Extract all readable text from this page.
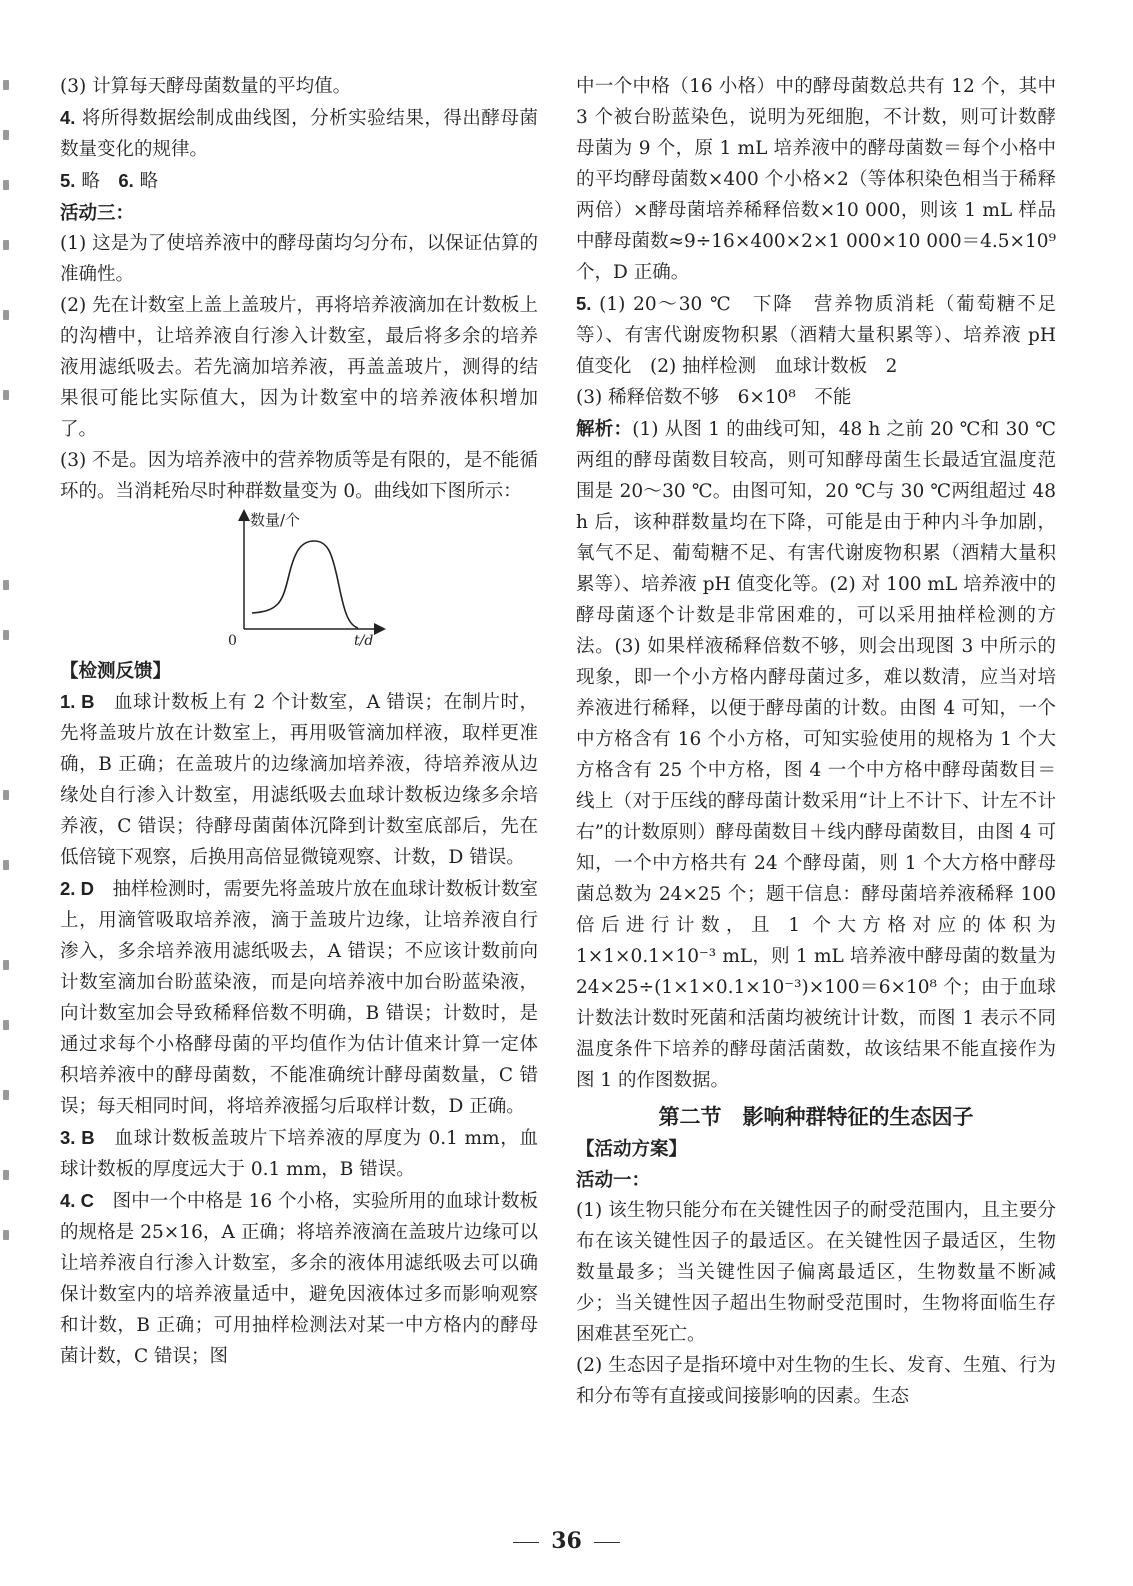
(3) 计算每天酵母菌数量的平均值。

4. 将所得数据绘制成曲线图，分析实验结果，得出酵母菌数量变化的规律。

5. 略　6. 略

活动三：

(1) 这是为了使培养液中的酵母菌均匀分布，以保证估算的准确性。

(2) 先在计数室上盖上盖玻片，再将培养液滴加在计数板上的沟槽中，让培养液自行渗入计数室，最后将多余的培养液用滤纸吸去。若先滴加培养液，再盖盖玻片，测得的结果很可能比实际值大，因为计数室中的培养液体积增加了。

(3) 不是。因为培养液中的营养物质等是有限的，是不能循环的。当消耗殆尽时种群数量变为 0。曲线如下图所示：

数量/个
0	t/d

【检测反馈】

1. B　血球计数板上有 2 个计数室，A 错误；在制片时，先将盖玻片放在计数室上，再用吸管滴加样液，取样更准确，B 正确；在盖玻片的边缘滴加培养液，待培养液从边缘处自行渗入计数室，用滤纸吸去血球计数板边缘多余培养液，C 错误；待酵母菌菌体沉降到计数室底部后，先在低倍镜下观察，后换用高倍显微镜观察、计数，D 错误。

2. D　抽样检测时，需要先将盖玻片放在血球计数板计数室上，用滴管吸取培养液，滴于盖玻片边缘，让培养液自行渗入，多余培养液用滤纸吸去，A 错误；不应该计数前向计数室滴加台盼蓝染液，而是向培养液中加台盼蓝染液，向计数室加会导致稀释倍数不明确，B 错误；计数时，是通过求每个小格酵母菌的平均值作为估计值来计算一定体积培养液中的酵母菌数，不能准确统计酵母菌数量，C 错误；每天相同时间，将培养液摇匀后取样计数，D 正确。

3. B　血球计数板盖玻片下培养液的厚度为 0.1 mm，血球计数板的厚度远大于 0.1 mm，B 错误。

4. C　图中一个中格是 16 个小格，实验所用的血球计数板的规格是 25×16，A 正确；将培养液滴在盖玻片边缘可以让培养液自行渗入计数室，多余的液体用滤纸吸去可以确保计数室内的培养液量适中，避免因液体过多而影响观察和计数，B 正确；可用抽样检测法对某一中方格内的酵母菌计数，C 错误；图

中一个中格（16 小格）中的酵母菌数总共有 12 个，其中 3 个被台盼蓝染色，说明为死细胞，不计数，则可计数酵母菌为 9 个，原 1 mL 培养液中的酵母菌数＝每个小格中的平均酵母菌数×400 个小格×2（等体积染色相当于稀释两倍）×酵母菌培养稀释倍数×10 000，则该 1 mL 样品中酵母菌数≈9÷16×400×2×1 000×10 000＝4.5×10⁹个，D 正确。

5. (1) 20～30 ℃　下降　营养物质消耗（葡萄糖不足等）、有害代谢废物积累（酒精大量积累等）、培养液 pH 值变化　(2) 抽样检测　血球计数板　2

(3) 稀释倍数不够　6×10⁸　不能

解析：(1) 从图 1 的曲线可知，48 h 之前 20 ℃和 30 ℃两组的酵母菌数目较高，则可知酵母菌生长最适宜温度范围是 20～30 ℃。由图可知，20 ℃与 30 ℃两组超过 48 h 后，该种群数量均在下降，可能是由于种内斗争加剧，氧气不足、葡萄糖不足、有害代谢废物积累（酒精大量积累等）、培养液 pH 值变化等。(2) 对 100 mL 培养液中的酵母菌逐个计数是非常困难的，可以采用抽样检测的方法。(3) 如果样液稀释倍数不够，则会出现图 3 中所示的现象，即一个小方格内酵母菌过多，难以数清，应当对培养液进行稀释，以便于酵母菌的计数。由图 4 可知，一个中方格含有 16 个小方格，可知实验使用的规格为 1 个大方格含有 25 个中方格，图 4 一个中方格中酵母菌数目＝线上（对于压线的酵母菌计数采用“计上不计下、计左不计右”的计数原则）酵母菌数目＋线内酵母菌数目，由图 4 可知，一个中方格共有 24 个酵母菌，则 1 个大方格中酵母菌总数为 24×25 个；题干信息：酵母菌培养液稀释 100 倍后进行计数，且 1 个大方格对应的体积为 1×1×0.1×10⁻³ mL，则 1 mL 培养液中酵母菌的数量为 24×25÷(1×1×0.1×10⁻³)×100＝6×10⁸ 个；由于血球计数法计数时死菌和活菌均被统计计数，而图 1 表示不同温度条件下培养的酵母菌活菌数，故该结果不能直接作为图 1 的作图数据。

第二节　影响种群特征的生态因子

【活动方案】

活动一：

(1) 该生物只能分布在关键性因子的耐受范围内，且主要分布在该关键性因子的最适区。在关键性因子最适区，生物数量最多；当关键性因子偏离最适区，生物数量不断减少；当关键性因子超出生物耐受范围时，生物将面临生存困难甚至死亡。

(2) 生态因子是指环境中对生物的生长、发育、生殖、行为和分布等有直接或间接影响的因素。生态

36
